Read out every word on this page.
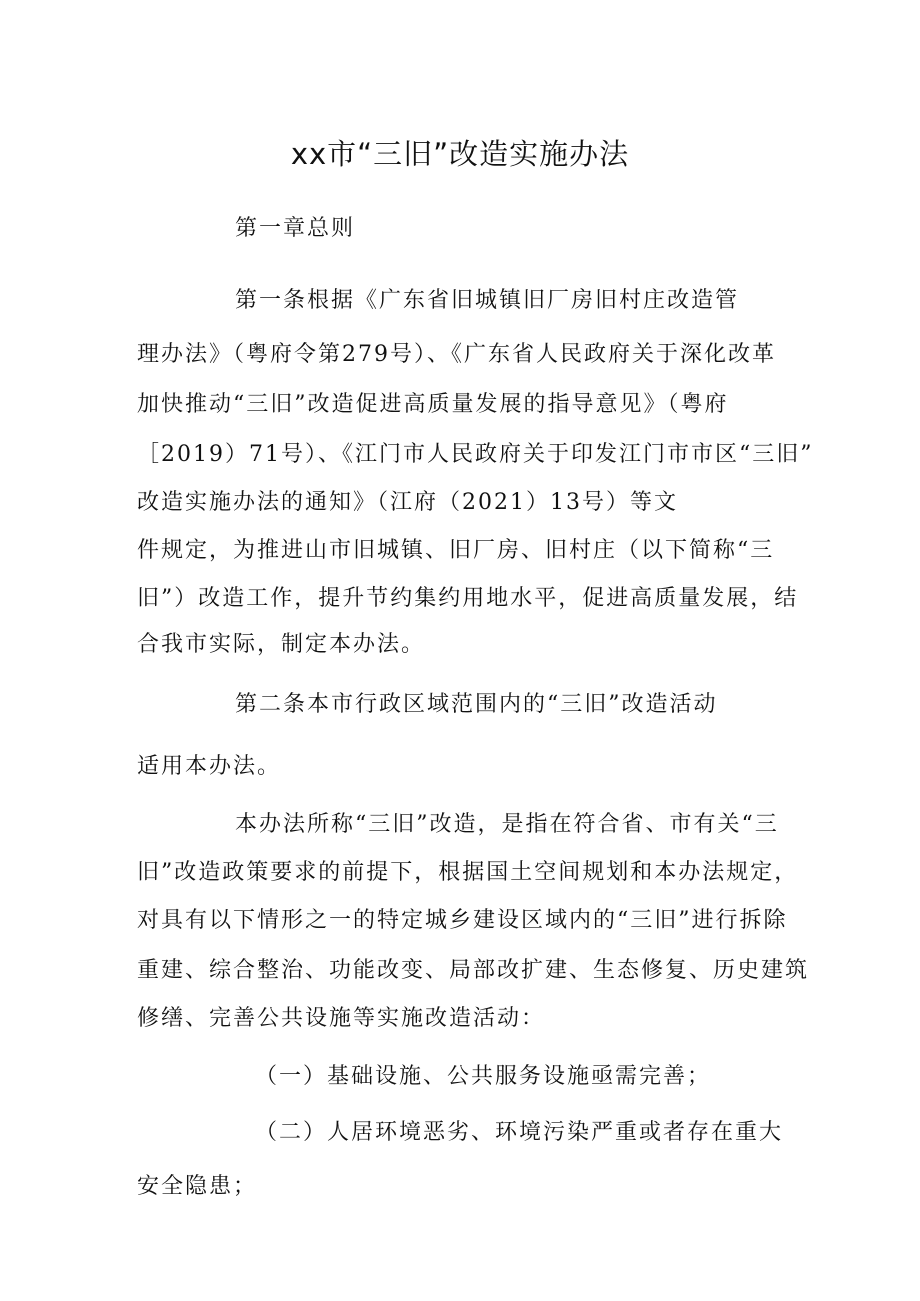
xx市“三旧”改造实施办法
第一章总则
第一条根据《广东省旧城镇旧厂房旧村庄改造管
理办法》（粤府令第279号）、《广东省人民政府关于深化改革
加快推动“三旧”改造促进高质量发展的指导意见》（粤府
［2019）71号）、《江门市人民政府关于印发江门市市区“三旧”
改造实施办法的通知》（江府（2021）13号）等文
件规定，为推进山市旧城镇、旧厂房、旧村庄（以下简称“三
旧”）改造工作，提升节约集约用地水平，促进高质量发展，结
合我市实际，制定本办法。
第二条本市行政区域范围内的“三旧”改造活动
适用本办法。
本办法所称“三旧”改造，是指在符合省、市有关“三
旧”改造政策要求的前提下，根据国土空间规划和本办法规定，
对具有以下情形之一的特定城乡建设区域内的“三旧”进行拆除
重建、综合整治、功能改变、局部改扩建、生态修复、历史建筑
修缮、完善公共设施等实施改造活动：
（一）基础设施、公共服务设施亟需完善；
（二）人居环境恶劣、环境污染严重或者存在重大
安全隐患；
